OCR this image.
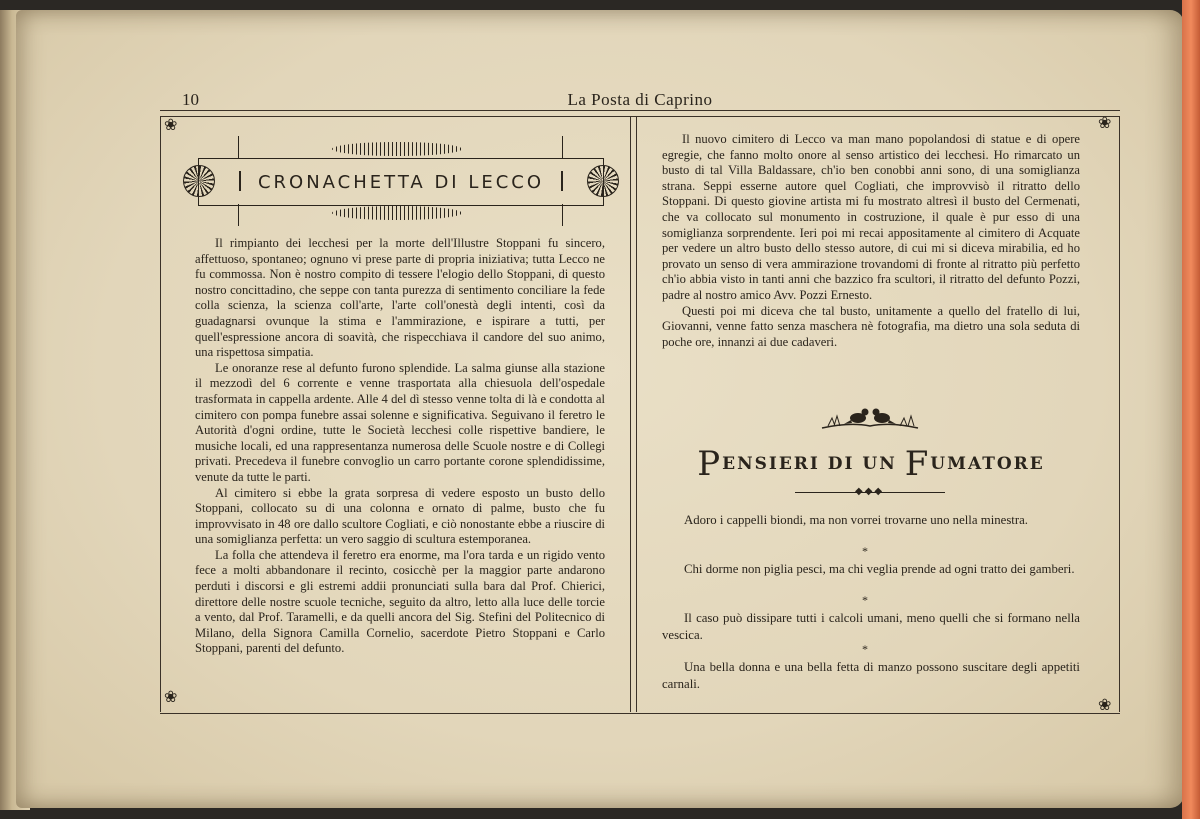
10	La Posta di Caprino
❀	❀
❀	❀
CRONACHETTA DI LECCO

Il rimpianto dei lecchesi per la morte dell'Illustre Stoppani fu sincero, affettuoso, spontaneo; ognuno vi prese parte di propria iniziativa; tutta Lecco ne fu commossa. Non è nostro compito di tessere l'elogio dello Stoppani, di questo nostro concittadino, che seppe con tanta purezza di sentimento conciliare la fede colla scienza, la scienza coll'arte, l'arte coll'onestà degli intenti, così da guadagnarsi ovunque la stima e l'ammirazione, e ispirare a tutti, per quell'espressione ancora di soavità, che rispecchiava il candore del suo animo, una rispettosa simpatia.

Le onoranze rese al defunto furono splendide. La salma giunse alla stazione il mezzodì del 6 corrente e venne trasportata alla chiesuola dell'ospedale trasformata in cappella ardente. Alle 4 del dì stesso venne tolta di là e condotta al cimitero con pompa funebre assai solenne e significativa. Seguivano il feretro le Autorità d'ogni ordine, tutte le Società lecchesi colle rispettive bandiere, le musiche locali, ed una rappresentanza numerosa delle Scuole nostre e di Collegi privati. Precedeva il funebre convoglio un carro portante corone splendidissime, venute da tutte le parti.

Al cimitero si ebbe la grata sorpresa di vedere esposto un busto dello Stoppani, collocato su di una colonna e ornato di palme, busto che fu improvvisato in 48 ore dallo scultore Cogliati, e ciò nonostante ebbe a riuscire di una somiglianza perfetta: un vero saggio di scultura estemporanea.

La folla che attendeva il feretro era enorme, ma l'ora tarda e un rigido vento fece a molti abbandonare il recinto, cosicchè per la maggior parte andarono perduti i discorsi e gli estremi addii pronunciati sulla bara dal Prof. Chierici, direttore delle nostre scuole tecniche, seguito da altro, letto alla luce delle torcie a vento, dal Prof. Taramelli, e da quelli ancora del Sig. Stefini del Politecnico di Milano, della Signora Camilla Cornelio, sacerdote Pietro Stoppani e Carlo Stoppani, parenti del defunto.

Il nuovo cimitero di Lecco va man mano popolandosi di statue e di opere egregie, che fanno molto onore al senso artistico dei lecchesi. Ho rimarcato un busto di tal Villa Baldassare, ch'io ben conobbi anni sono, di una somiglianza strana. Seppi esserne autore quel Cogliati, che improvvisò il ritratto dello Stoppani. Di questo giovine artista mi fu mostrato altresì il busto del Cermenati, che va collocato sul monumento in costruzione, il quale è pur esso di una somiglianza sorprendente. Ieri poi mi recai appositamente al cimitero di Acquate per vedere un altro busto dello stesso autore, di cui mi si diceva mirabilia, ed ho provato un senso di vera ammirazione trovandomi di fronte al ritratto più perfetto ch'io abbia visto in tanti anni che bazzico fra scultori, il ritratto del defunto Pozzi, padre al nostro amico Avv. Pozzi Ernesto.

Questi poi mi diceva che tal busto, unitamente a quello del fratello di lui, Giovanni, venne fatto senza maschera nè fotografia, ma dietro una sola seduta di poche ore, innanzi ai due cadaveri.

PENSIERI DI UN FUMATORE
◆◆◆
Adoro i cappelli biondi, ma non vorrei trovarne uno nella minestra.
*
Chi dorme non piglia pesci, ma chi veglia prende ad ogni tratto dei gamberi.
*
Il caso può dissipare tutti i calcoli umani, meno quelli che si formano nella vescica.
*
Una bella donna e una bella fetta di manzo possono suscitare degli appetiti carnali.
